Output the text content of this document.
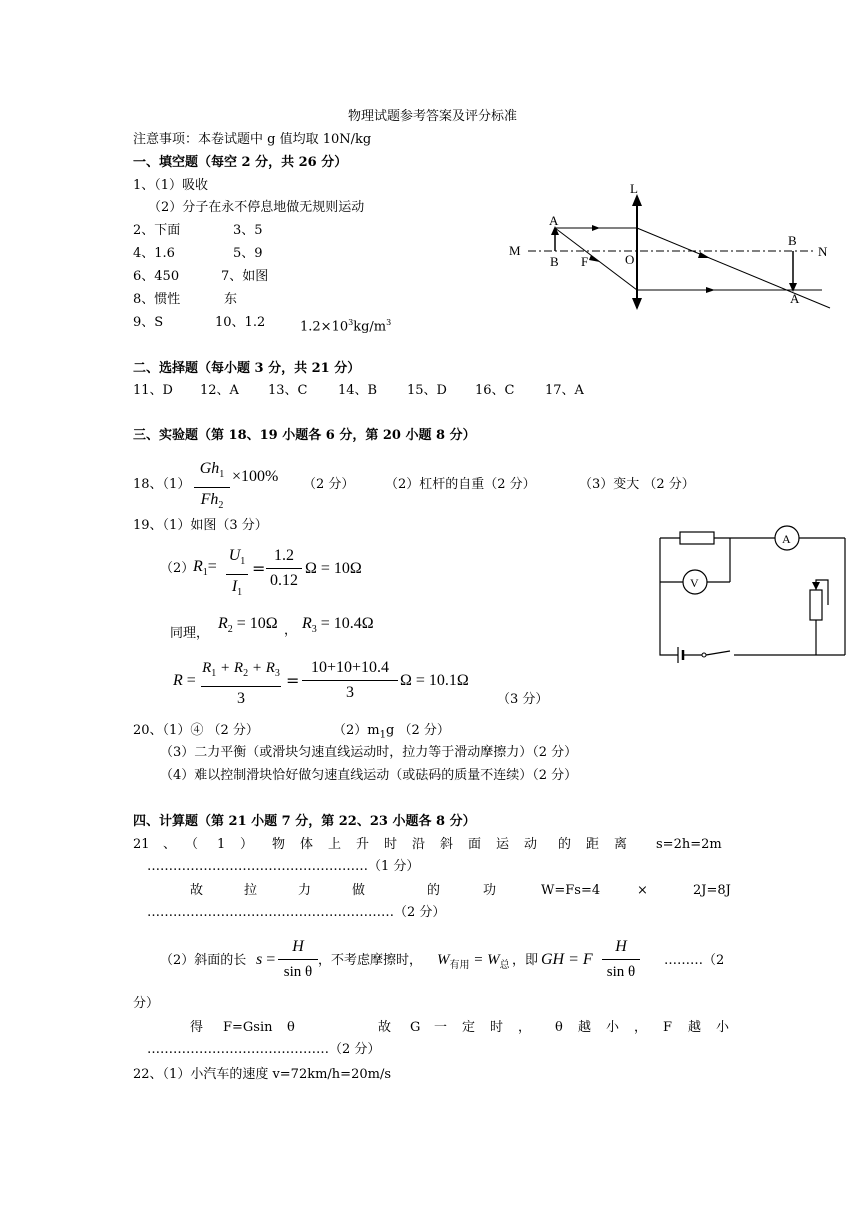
物理试题参考答案及评分标准
注意事项：本卷试题中 g 值均取 10N/kg
一、填空题（每空 2 分，共 26 分）
1、（1）吸收
（2）分子在永不停息地做无规则运动
2、下面	3、5
4、1.6	5、9
6、450	7、如图
8、惯性	东
9、S	10、1.2	$1.2\times 10^3kg/m^3$
L
A
M
B F	O
B
N
A
二、选择题（每小题 3 分，共 21 分）
11、D 12、A 13、C 14、B 15、D 16、C 17、A
三、实验题（第 18、19 小题各 6 分，第 20 小题 8 分）
18、（1）
$Gh_1$
$Fh_2$
×100% （2 分） （2）杠杆的自重（2 分）	（3）变大 （2 分）
19、（1）如图（3 分）
（2）
$R_1=$
$U_1$
$I_1$
=
1.2
0.12
Ω = 10Ω
同理，
$R_2 = 10\Omega$ ， $R_3 = 10.4\Omega$
R =
$R_1 + R_2 + R_3$
3
=
10+10+10.4
3
Ω = 10.1Ω
（3 分）
A
V
20、（1）④ （2 分）	$(2)m_1g$ （2 分）
（3）二力平衡（或滑块匀速直线运动时，拉力等于滑动摩擦力）（2 分）
（4）难以控制滑块恰好做匀速直线运动（或砝码的质量不连续）（2 分）
四、计算题（第 21 小题 7 分，第 22、23 小题各 8 分）
21 、 （ 1 ） 物 体 上 升 时 沿 斜 面 运 动 的 距 离 s=2h=2m
……………………………………………（1 分）
故	拉	力	做	的	功	W=Fs=4	×	2J=8J
…………………………………………………（2 分）
（2）斜面的长 s =
H
sin θ
，不考虑摩擦时， $W_{有用} = W_总$ ，即 GH = F
H
sin θ
………（2
分）
得 F=Gsin θ	故 G 一 定 时 ， θ 越 小 ， F 越 小
……………………………………（2 分）
22、（1）小汽车的速度 v=72km/h=20m/s
